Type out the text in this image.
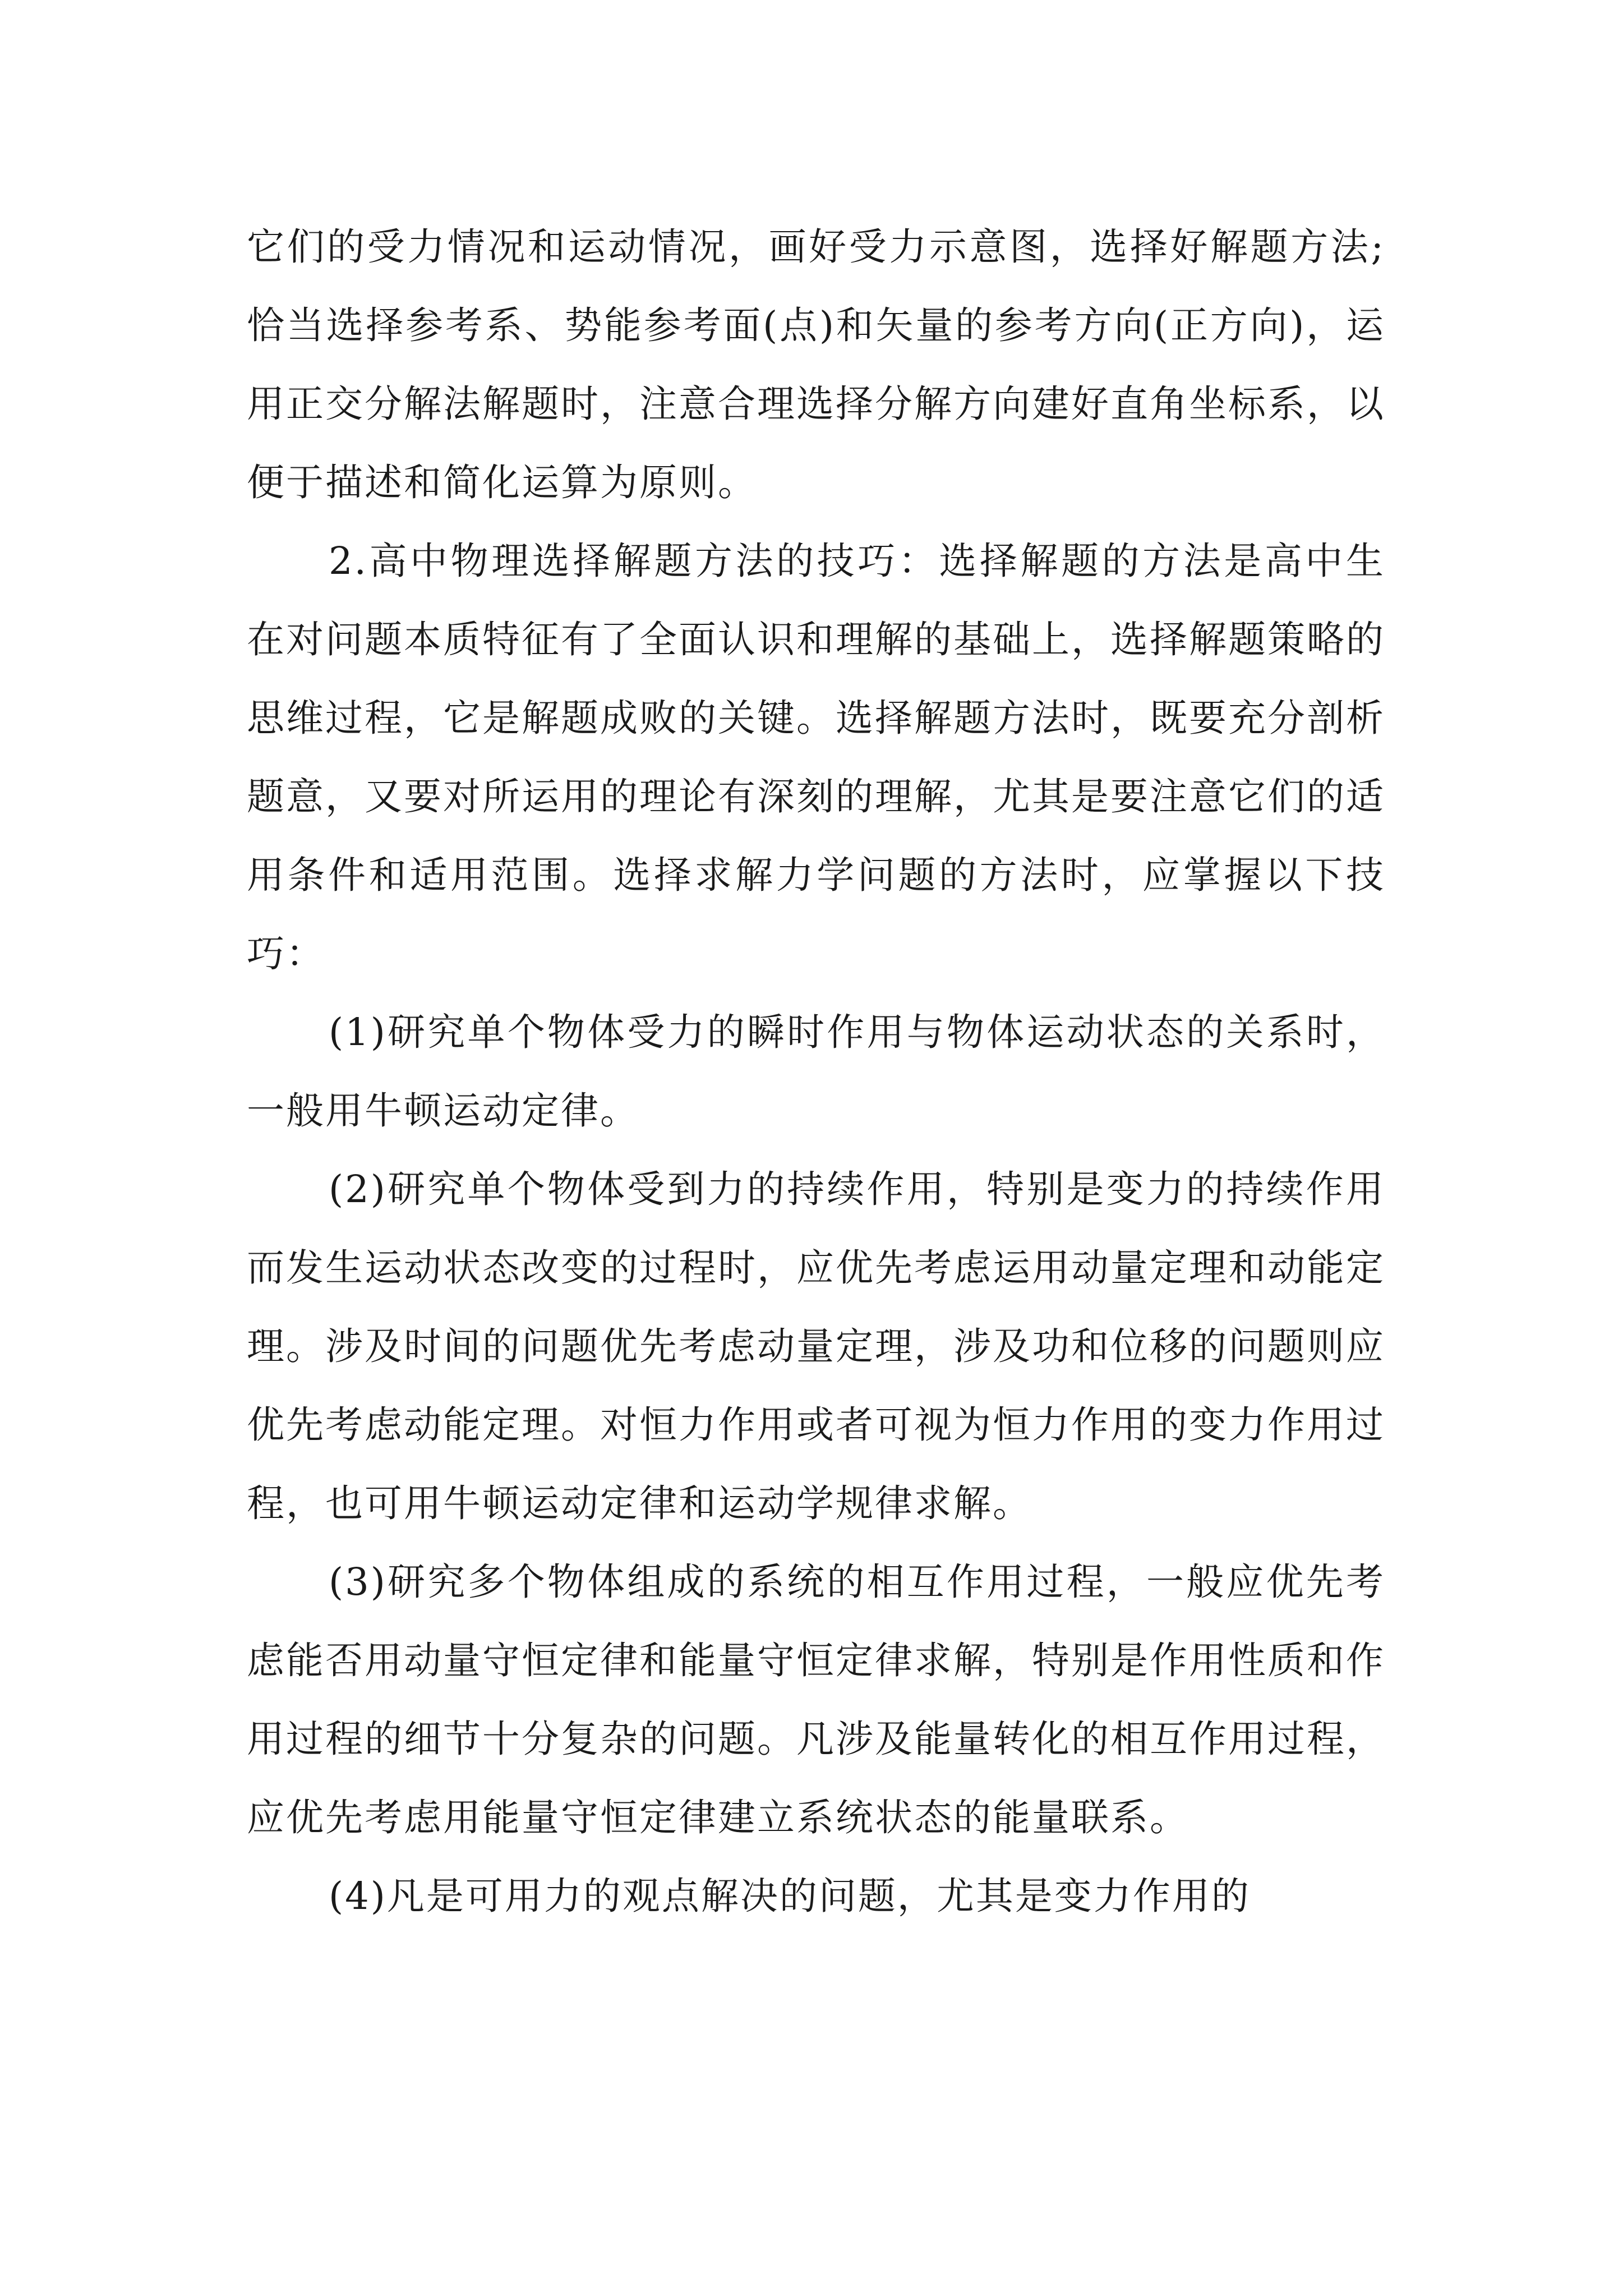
它们的受力情况和运动情况，画好受力示意图，选择好解题方法;恰当选择参考系、势能参考面(点)和矢量的参考方向(正方向)，运用正交分解法解题时，注意合理选择分解方向建好直角坐标系，以便于描述和简化运算为原则。

2.高中物理选择解题方法的技巧：选择解题的方法是高中生在对问题本质特征有了全面认识和理解的基础上，选择解题策略的思维过程，它是解题成败的关键。选择解题方法时，既要充分剖析题意，又要对所运用的理论有深刻的理解，尤其是要注意它们的适用条件和适用范围。选择求解力学问题的方法时，应掌握以下技巧：

(1)研究单个物体受力的瞬时作用与物体运动状态的关系时，一般用牛顿运动定律。

(2)研究单个物体受到力的持续作用，特别是变力的持续作用而发生运动状态改变的过程时，应优先考虑运用动量定理和动能定理。涉及时间的问题优先考虑动量定理，涉及功和位移的问题则应优先考虑动能定理。对恒力作用或者可视为恒力作用的变力作用过程，也可用牛顿运动定律和运动学规律求解。

(3)研究多个物体组成的系统的相互作用过程，一般应优先考虑能否用动量守恒定律和能量守恒定律求解，特别是作用性质和作用过程的细节十分复杂的问题。凡涉及能量转化的相互作用过程，应优先考虑用能量守恒定律建立系统状态的能量联系。

(4)凡是可用力的观点解决的问题，尤其是变力作用的
